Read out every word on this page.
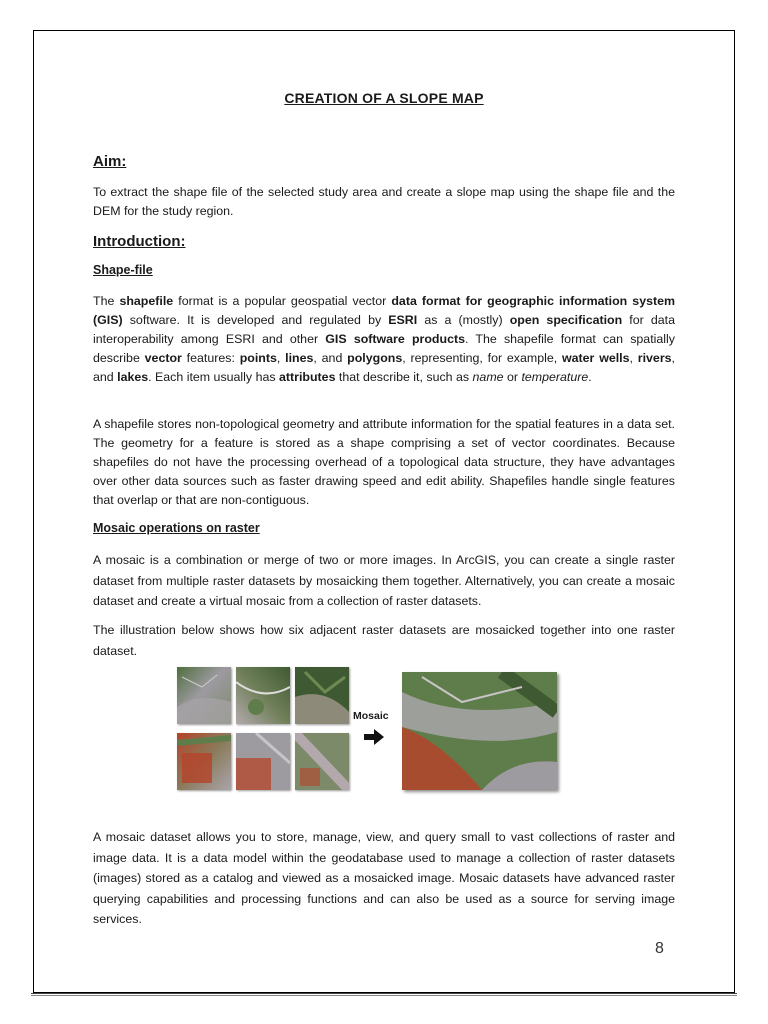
CREATION OF A SLOPE MAP
Aim:

To extract the shape file of the selected study area and create a slope map using the shape file and the DEM for the study region.

Introduction:
Shape-file

The shapefile format is a popular geospatial vector data format for geographic information system (GIS) software. It is developed and regulated by ESRI as a (mostly) open specification for data interoperability among ESRI and other GIS software products. The shapefile format can spatially describe vector features: points, lines, and polygons, representing, for example, water wells, rivers, and lakes. Each item usually has attributes that describe it, such as name or temperature.

A shapefile stores non-topological geometry and attribute information for the spatial features in a data set. The geometry for a feature is stored as a shape comprising a set of vector coordinates. Because shapefiles do not have the processing overhead of a topological data structure, they have advantages over other data sources such as faster drawing speed and edit ability. Shapefiles handle single features that overlap or that are non-contiguous.

Mosaic operations on raster

A mosaic is a combination or merge of two or more images. In ArcGIS, you can create a single raster dataset from multiple raster datasets by mosaicking them together. Alternatively, you can create a mosaic dataset and create a virtual mosaic from a collection of raster datasets.

The illustration below shows how six adjacent raster datasets are mosaicked together into one raster dataset.

Mosaic

A mosaic dataset allows you to store, manage, view, and query small to vast collections of raster and image data. It is a data model within the geodatabase used to manage a collection of raster datasets (images) stored as a catalog and viewed as a mosaicked image. Mosaic datasets have advanced raster querying capabilities and processing functions and can also be used as a source for serving image services.

8
